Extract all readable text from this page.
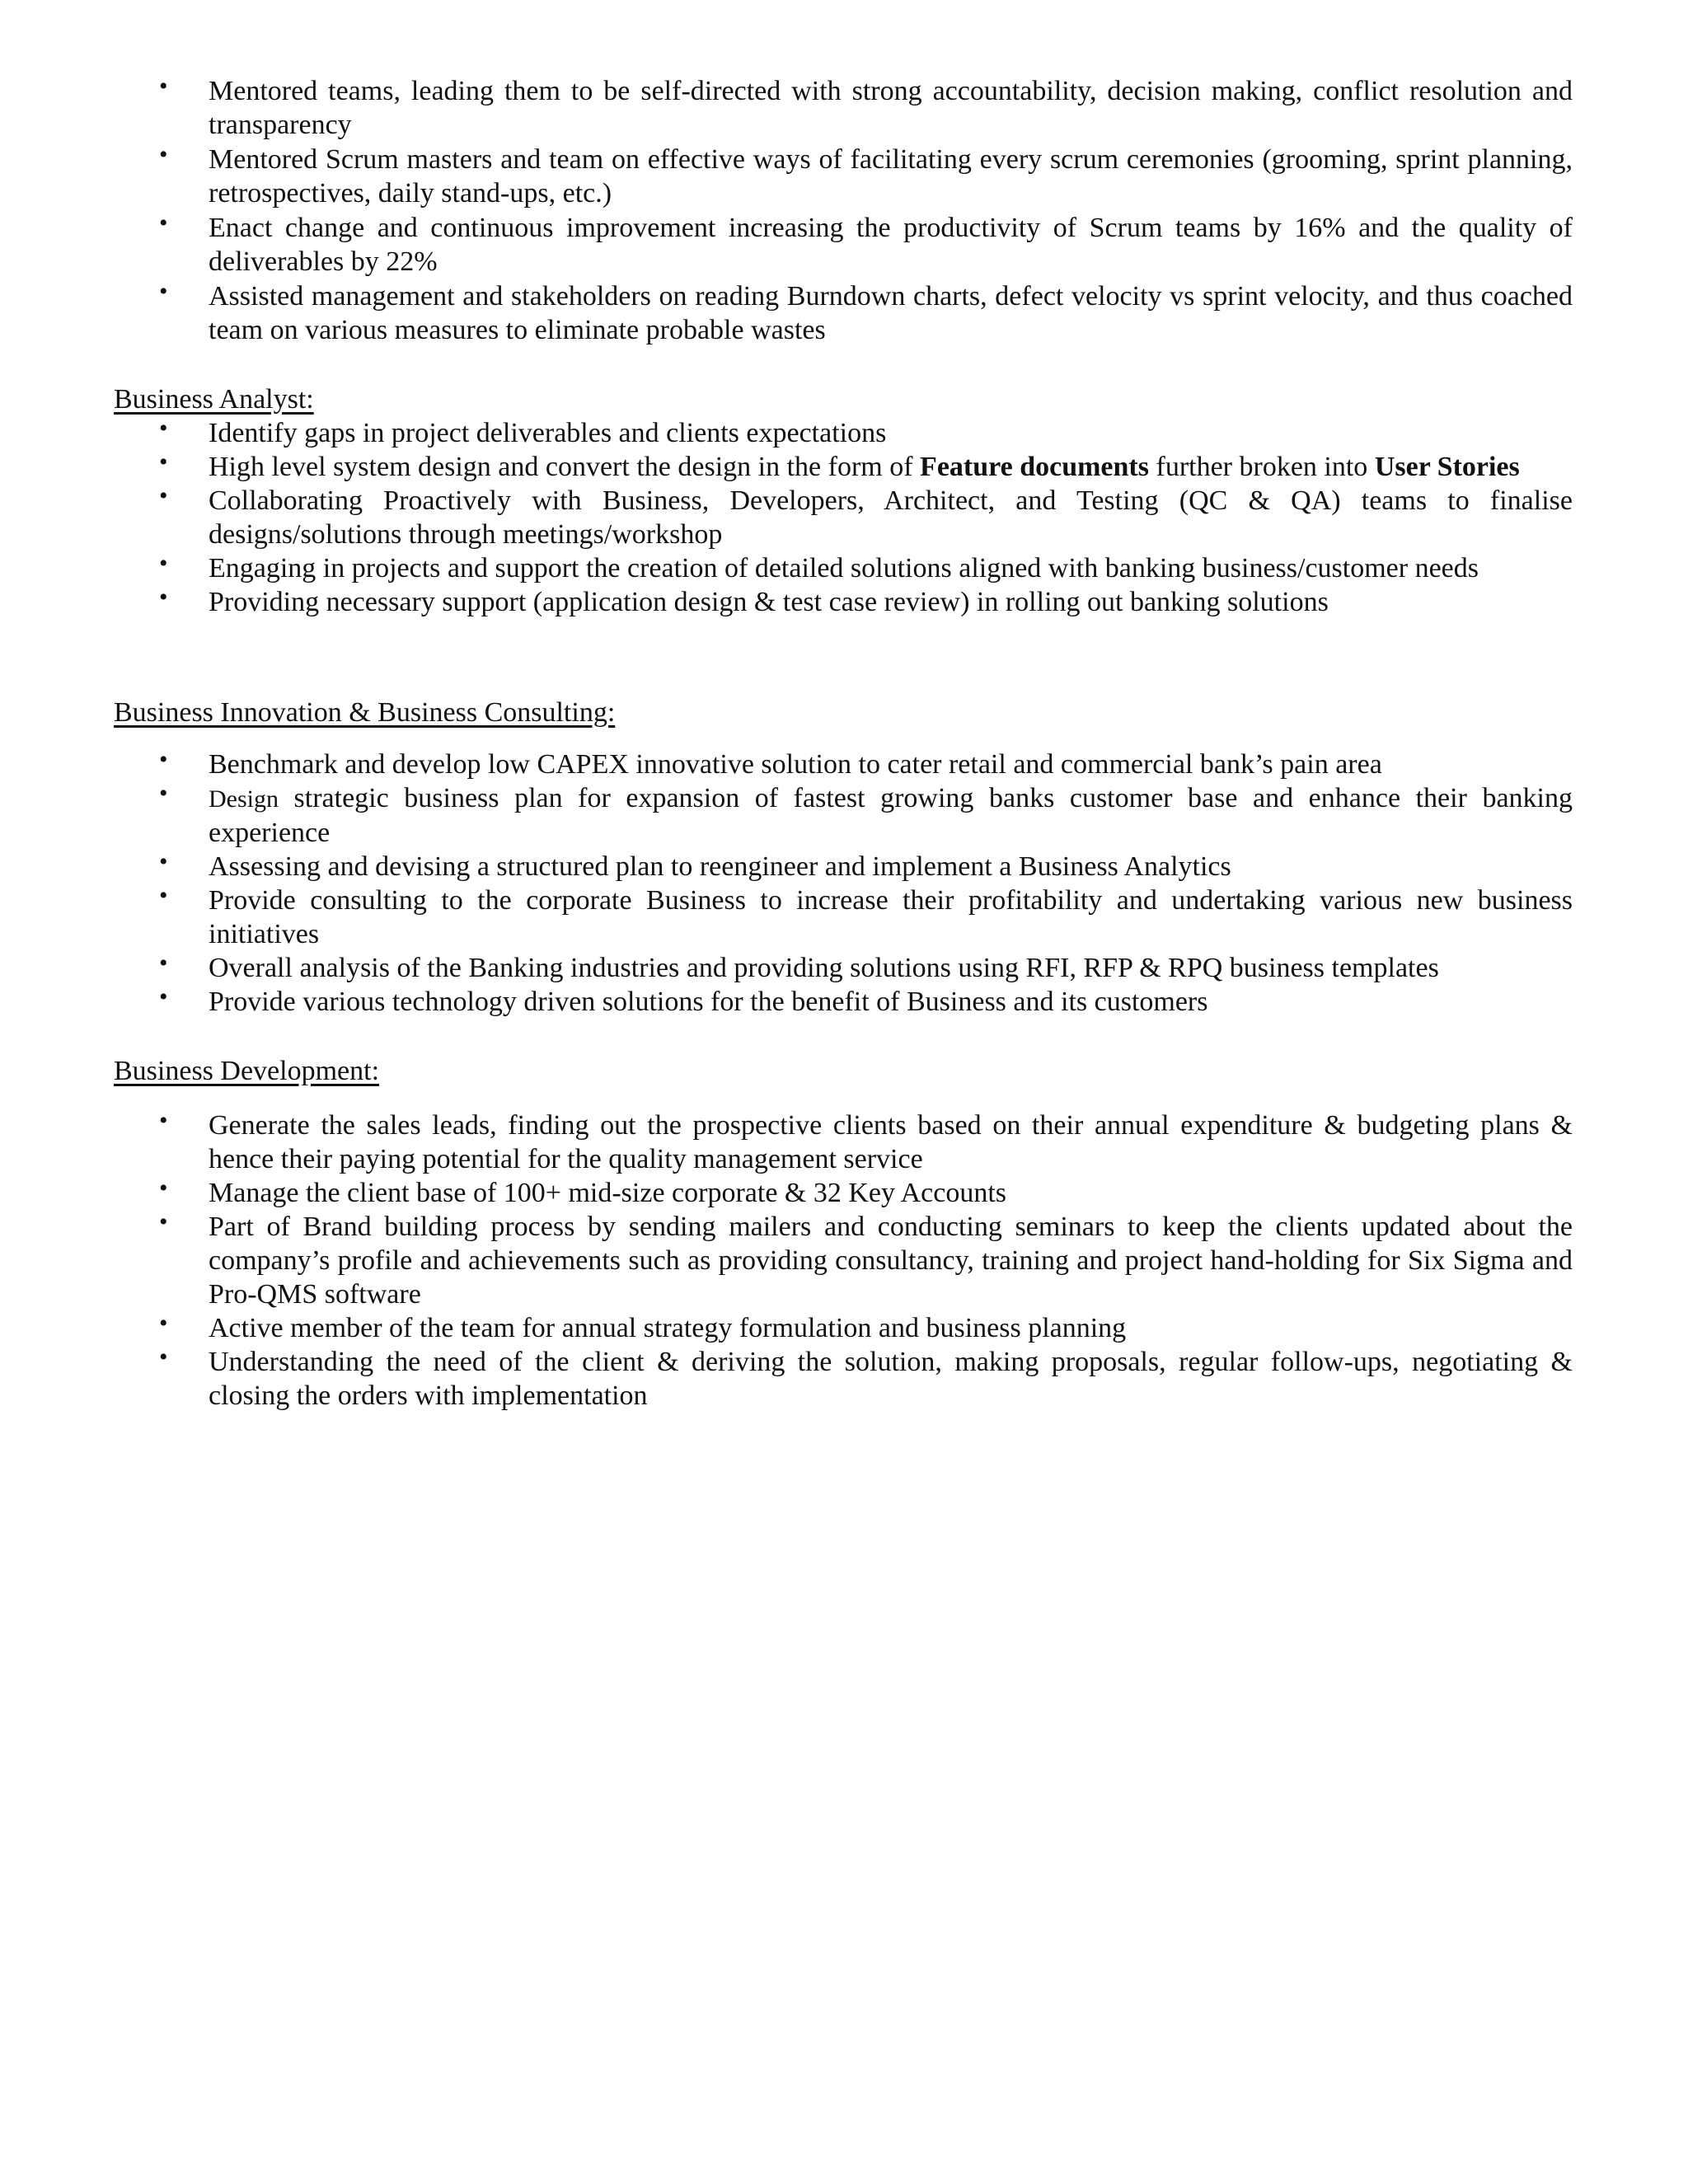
• Mentored teams, leading them to be self-directed with strong accountability, decision making, conflict resolution and transparency
• Mentored Scrum masters and team on effective ways of facilitating every scrum ceremonies (grooming, sprint planning, retrospectives, daily stand-ups, etc.)
• Enact change and continuous improvement increasing the productivity of Scrum teams by 16% and the quality of deliverables by 22%
• Assisted management and stakeholders on reading Burndown charts, defect velocity vs sprint velocity, and thus coached team on various measures to eliminate probable wastes
Business Analyst:
• Identify gaps in project deliverables and clients expectations
• High level system design and convert the design in the form of Feature documents further broken into User Stories
• Collaborating Proactively with Business, Developers, Architect, and Testing (QC & QA) teams to finalise designs/solutions through meetings/workshop
• Engaging in projects and support the creation of detailed solutions aligned with banking business/customer needs
• Providing necessary support (application design & test case review) in rolling out banking solutions
Business Innovation & Business Consulting:
• Benchmark and develop low CAPEX innovative solution to cater retail and commercial bank’s pain area
• Design strategic business plan for expansion of fastest growing banks customer base and enhance their banking experience
• Assessing and devising a structured plan to reengineer and implement a Business Analytics
• Provide consulting to the corporate Business to increase their profitability and undertaking various new business initiatives
• Overall analysis of the Banking industries and providing solutions using RFI, RFP & RPQ business templates
• Provide various technology driven solutions for the benefit of Business and its customers
Business Development:
• Generate the sales leads, finding out the prospective clients based on their annual expenditure & budgeting plans & hence their paying potential for the quality management service
• Manage the client base of 100+ mid-size corporate & 32 Key Accounts
• Part of Brand building process by sending mailers and conducting seminars to keep the clients updated about the company’s profile and achievements such as providing consultancy, training and project hand-holding for Six Sigma and Pro-QMS software
• Active member of the team for annual strategy formulation and business planning
• Understanding the need of the client & deriving the solution, making proposals, regular follow-ups, negotiating & closing the orders with implementation
